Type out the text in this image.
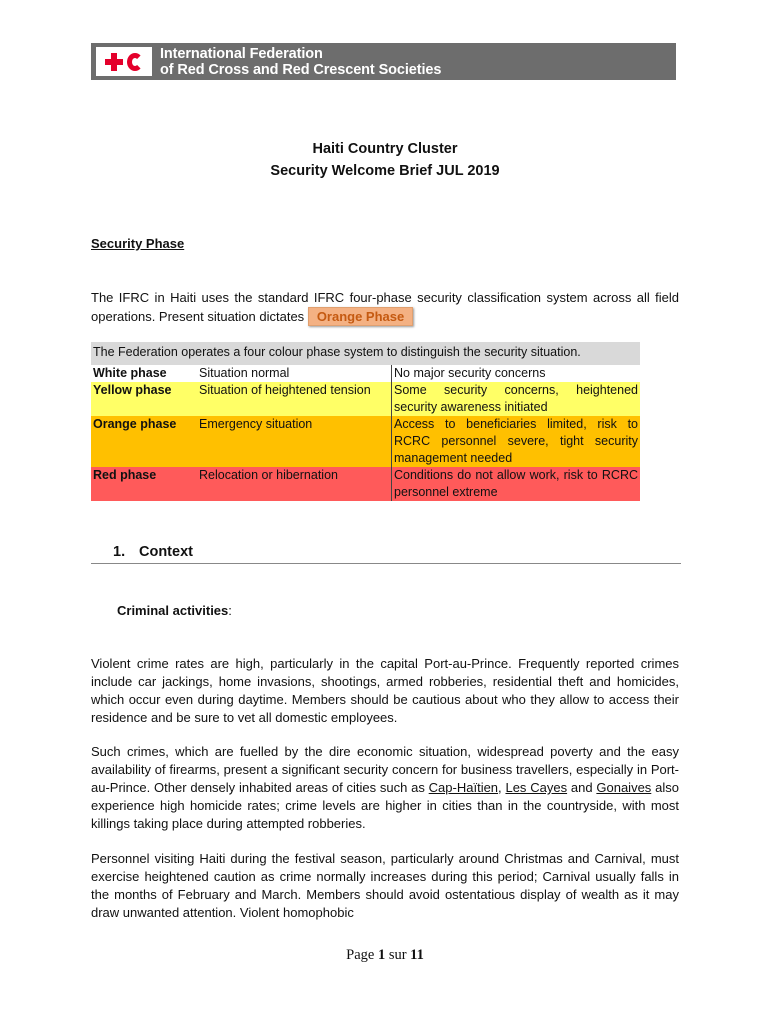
International Federation
of Red Cross and Red Crescent Societies
Haiti Country Cluster
Security Welcome Brief JUL 2019
Security Phase

The IFRC in Haiti uses the standard IFRC four-phase security classification system across all field operations. Present situation dictates Orange Phase

The Federation operates a four colour phase system to distinguish the security situation.		
White phase	Situation normal	No major security concerns
Yellow phase	Situation of heightened tension	Some security concerns, heightened security awareness initiated
Orange phase	Emergency situation	Access to beneficiaries limited, risk to RCRC personnel severe, tight security management needed
Red phase	Relocation or hibernation	Conditions do not allow work, risk to RCRC personnel extreme
1. Context
Criminal activities:

Violent crime rates are high, particularly in the capital Port-au-Prince. Frequently reported crimes include car jackings, home invasions, shootings, armed robberies, residential theft and homicides, which occur even during daytime. Members should be cautious about who they allow to access their residence and be sure to vet all domestic employees.

Such crimes, which are fuelled by the dire economic situation, widespread poverty and the easy availability of firearms, present a significant security concern for business travellers, especially in Port-au-Prince. Other densely inhabited areas of cities such as Cap-Haïtien, Les Cayes and Gonaives also experience high homicide rates; crime levels are higher in cities than in the countryside, with most killings taking place during attempted robberies.

Personnel visiting Haiti during the festival season, particularly around Christmas and Carnival, must exercise heightened caution as crime normally increases during this period; Carnival usually falls in the months of February and March. Members should avoid ostentatious display of wealth as it may draw unwanted attention. Violent homophobic

Page 1 sur 11
